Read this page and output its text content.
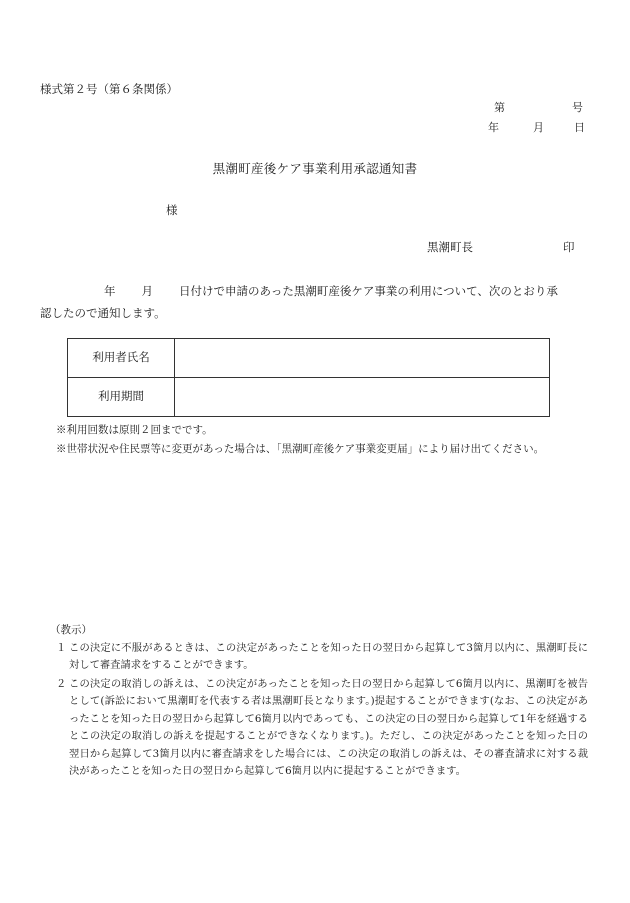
様式第２号（第６条関係）
第	号
年	月	日
黒潮町産後ケア事業利用承認通知書
様
黒潮町長	印
年 月 日付けで申請のあった黒潮町産後ケア事業の利用について、次のとおり承
認したので通知します。
利用者氏名	
利用期間	
※利用回数は原則２回までです。
※世帯状況や住民票等に変更があった場合は、「黒潮町産後ケア事業変更届」により届け出てください。
（教示）
１ この決定に不服があるときは、この決定があったことを知った日の翌日から起算して3箇月以内に、黒潮町長に対して審査請求をすることができます。
２ この決定の取消しの訴えは、この決定があったことを知った日の翌日から起算して6箇月以内に、黒潮町を被告として(訴訟において黒潮町を代表する者は黒潮町長となります。)提起することができます(なお、この決定があったことを知った日の翌日から起算して6箇月以内であっても、この決定の日の翌日から起算して1年を経過するとこの決定の取消しの訴えを提起することができなくなります。)。ただし、この決定があったことを知った日の翌日から起算して3箇月以内に審査請求をした場合には、この決定の取消しの訴えは、その審査請求に対する裁決があったことを知った日の翌日から起算して6箇月以内に提起することができます。
